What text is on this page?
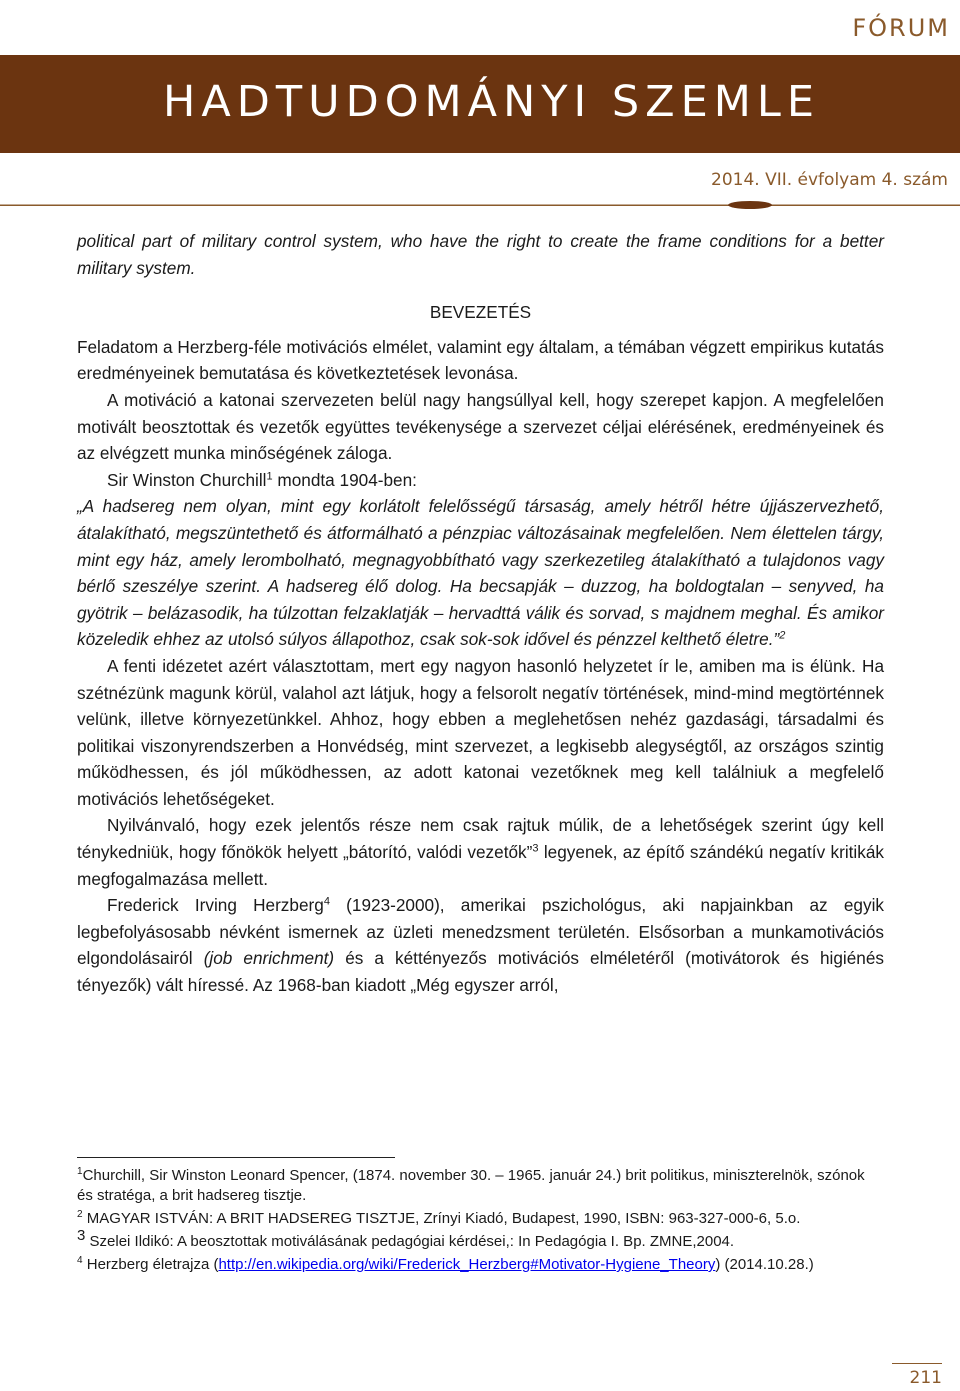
FÓRUM
HADTUDOMÁNYI SZEMLE
2014. VII. évfolyam 4. szám

political part of military control system, who have the right to create the frame conditions for a better military system.

BEVEZETÉS

Feladatom a Herzberg-féle motivációs elmélet, valamint egy általam, a témában végzett empirikus kutatás eredményeinek bemutatása és következtetések levonása.

A motiváció a katonai szervezeten belül nagy hangsúllyal kell, hogy szerepet kapjon. A megfelelően motivált beosztottak és vezetők együttes tevékenysége a szervezet céljai elérésének, eredményeinek és az elvégzett munka minőségének záloga.

Sir Winston Churchill$^1$ mondta 1904-ben:

„A hadsereg nem olyan, mint egy korlátolt felelősségű társaság, amely hétről hétre újjászervezhető, átalakítható, megszüntethető és átformálható a pénzpiac változásainak megfelelően. Nem élettelen tárgy, mint egy ház, amely lerombolható, megnagyobbítható vagy szerkezetileg átalakítható a tulajdonos vagy bérlő szeszélye szerint. A hadsereg élő dolog. Ha becsapják – duzzog, ha boldogtalan – senyved, ha gyötrik – belázasodik, ha túlzottan felzaklatják – hervadttá válik és sorvad, s majdnem meghal. És amikor közeledik ehhez az utolsó súlyos állapothoz, csak sok-sok idővel és pénzzel kelthető életre.”$^2$

A fenti idézetet azért választottam, mert egy nagyon hasonló helyzetet ír le, amiben ma is élünk. Ha szétnézünk magunk körül, valahol azt látjuk, hogy a felsorolt negatív történések, mind-mind megtörténnek velünk, illetve környezetünkkel. Ahhoz, hogy ebben a meglehetősen nehéz gazdasági, társadalmi és politikai viszonyrendszerben a Honvédség, mint szervezet, a legkisebb alegységtől, az országos szintig működhessen, és jól működhessen, az adott katonai vezetőknek meg kell találniuk a megfelelő motivációs lehetőségeket.

Nyilvánvaló, hogy ezek jelentős része nem csak rajtuk múlik, de a lehetőségek szerint úgy kell ténykedniük, hogy főnökök helyett „bátorító, valódi vezetők”$^3$ legyenek, az építő szándékú negatív kritikák megfogalmazása mellett.

Frederick Irving Herzberg$^4$ (1923-2000), amerikai pszichológus, aki napjainkban az egyik legbefolyásosabb névként ismernek az üzleti menedzsment területén. Elsősorban a munkamotivációs elgondolásairól (job enrichment) és a kéttényezős motivációs elméletéről (motivátorok és higiénés tényezők) vált híressé. Az 1968-ban kiadott „Még egyszer arról,

$^1$Churchill, Sir Winston Leonard Spencer, (1874. november 30. – 1965. január 24.) brit politikus, miniszterelnök, szónok és stratéga, a brit hadsereg tisztje.

$^2$ MAGYAR ISTVÁN: A BRIT HADSEREG TISZTJE, Zrínyi Kiadó, Budapest, 1990, ISBN: 963-327-000-6, 5.o.

$^3$ Szelei Ildikó: A beosztottak motiválásának pedagógiai kérdései,: In Pedagógia I. Bp. ZMNE,2004.

$^4$ Herzberg életrajza (http://en.wikipedia.org/wiki/Frederick_Herzberg#Motivator-Hygiene_Theory) (2014.10.28.)

211
